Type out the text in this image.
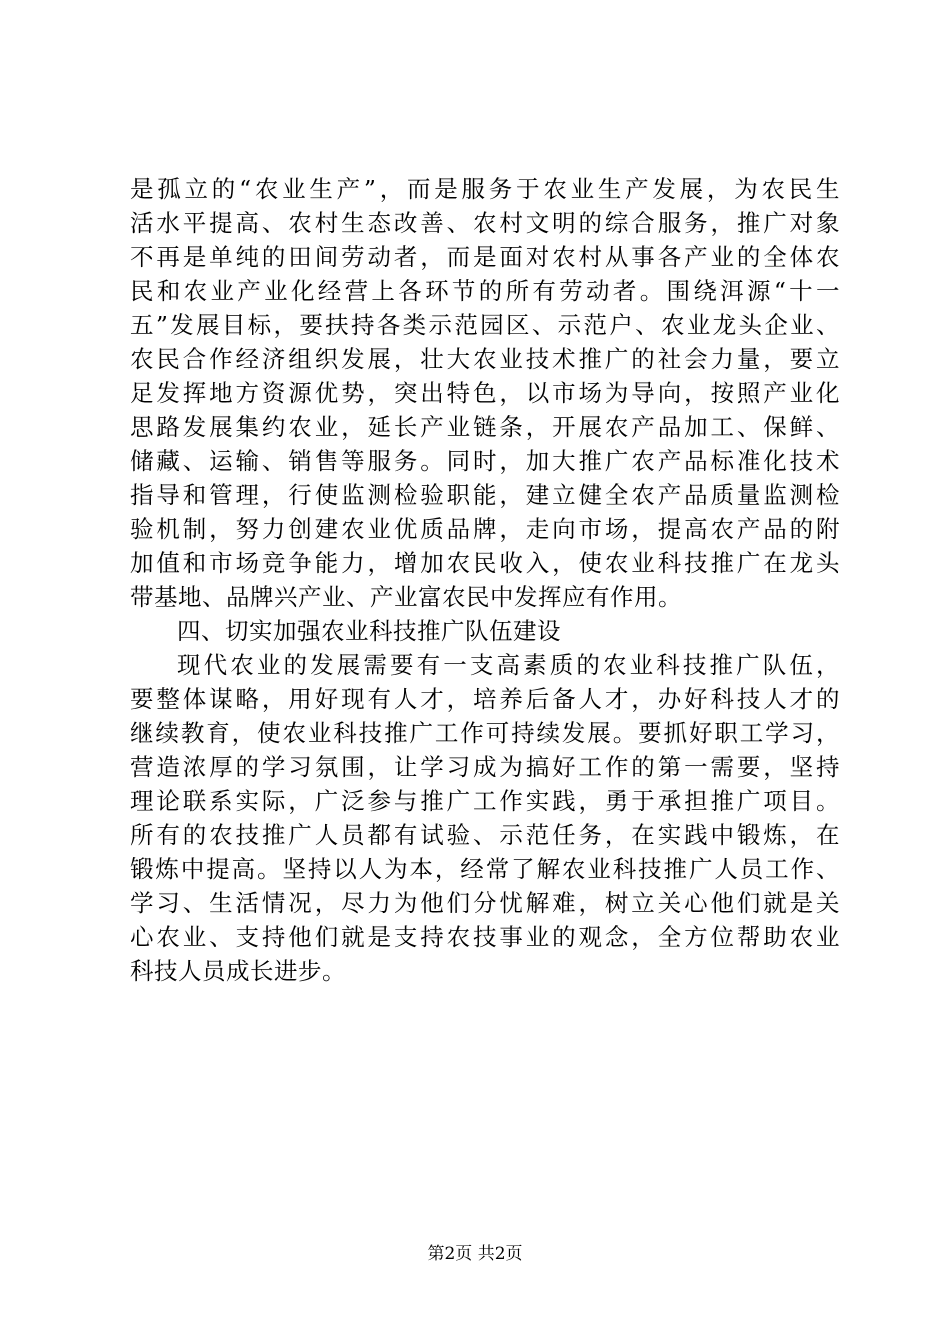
是孤立的“农业生产”，而是服务于农业生产发展，为农民生
活水平提高、农村生态改善、农村文明的综合服务，推广对象
不再是单纯的田间劳动者，而是面对农村从事各产业的全体农
民和农业产业化经营上各环节的所有劳动者。围绕洱源“十一
五”发展目标，要扶持各类示范园区、示范户、农业龙头企业、
农民合作经济组织发展，壮大农业技术推广的社会力量，要立
足发挥地方资源优势，突出特色，以市场为导向，按照产业化
思路发展集约农业，延长产业链条，开展农产品加工、保鲜、
储藏、运输、销售等服务。同时，加大推广农产品标准化技术
指导和管理，行使监测检验职能，建立健全农产品质量监测检
验机制，努力创建农业优质品牌，走向市场，提高农产品的附
加值和市场竞争能力，增加农民收入，使农业科技推广在龙头
带基地、品牌兴产业、产业富农民中发挥应有作用。
四、切实加强农业科技推广队伍建设
现代农业的发展需要有一支高素质的农业科技推广队伍，
要整体谋略，用好现有人才，培养后备人才，办好科技人才的
继续教育，使农业科技推广工作可持续发展。要抓好职工学习，
营造浓厚的学习氛围，让学习成为搞好工作的第一需要，坚持
理论联系实际，广泛参与推广工作实践，勇于承担推广项目。
所有的农技推广人员都有试验、示范任务，在实践中锻炼，在
锻炼中提高。坚持以人为本，经常了解农业科技推广人员工作、
学习、生活情况，尽力为他们分忧解难，树立关心他们就是关
心农业、支持他们就是支持农技事业的观念，全方位帮助农业
科技人员成长进步。
第2页 共2页
